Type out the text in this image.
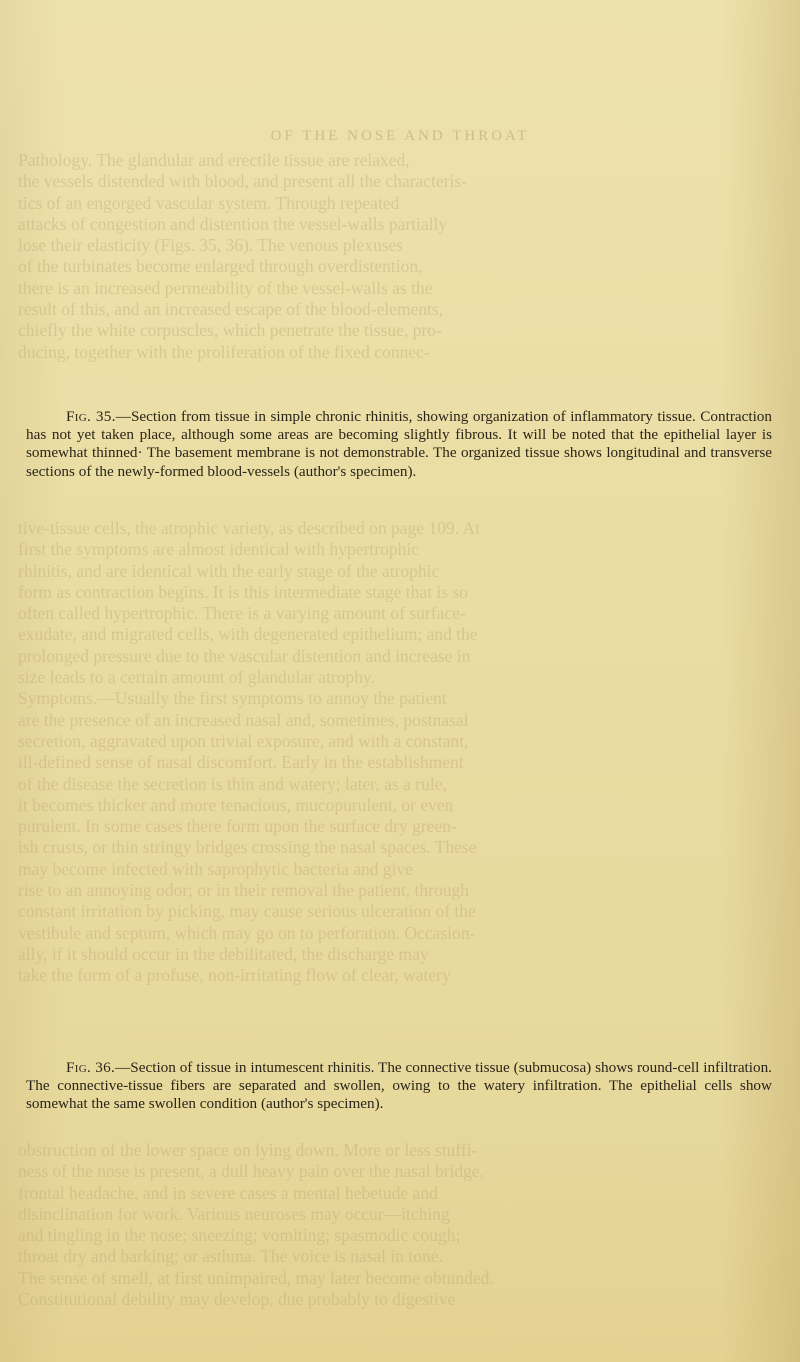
OF THE NOSE AND THROAT
Pathology. The glandular and erectile tissue are relaxed,
the vessels distended with blood, and present all the characteris-
tics of an engorged vascular system. Through repeated
attacks of congestion and distention the vessel-walls partially
lose their elasticity (Figs. 35, 36). The venous plexuses
of the turbinates become enlarged through overdistention,
there is an increased permeability of the vessel-walls as the
result of this, and an increased escape of the blood-elements,
chiefly the white corpuscles, which penetrate the tissue, pro-
ducing, together with the proliferation of the fixed connec-
Fig. 35.—Section from tissue in simple chronic rhinitis, showing organization of inflammatory tissue. Contraction has not yet taken place, although some areas are becoming slightly fibrous. It will be noted that the epithelial layer is somewhat thinned· The basement membrane is not demonstrable. The organized tissue shows longitudinal and transverse sections of the newly-formed blood-vessels (author's specimen).
tive-tissue cells, the atrophic variety, as described on page 109. At
first the symptoms are almost identical with hypertrophic
rhinitis, and are identical with the early stage of the atrophic
form as contraction begins. It is this intermediate stage that is so
often called hypertrophic. There is a varying amount of surface-
exudate, and migrated cells, with degenerated epithelium; and the
prolonged pressure due to the vascular distention and increase in
size leads to a certain amount of glandular atrophy.
Symptoms.—Usually the first symptoms to annoy the patient
are the presence of an increased nasal and, sometimes, postnasal
secretion, aggravated upon trivial exposure, and with a constant,
ill-defined sense of nasal discomfort. Early in the establishment
of the disease the secretion is thin and watery; later, as a rule,
it becomes thicker and more tenacious, mucopurulent, or even
purulent. In some cases there form upon the surface dry green-
ish crusts, or thin stringy bridges crossing the nasal spaces. These
may become infected with saprophytic bacteria and give
rise to an annoying odor; or in their removal the patient, through
constant irritation by picking, may cause serious ulceration of the
vestibule and septum, which may go on to perforation. Occasion-
ally, if it should occur in the debilitated, the discharge may
take the form of a profuse, non-irritating flow of clear, watery
Fig. 36.—Section of tissue in intumescent rhinitis. The connective tissue (submucosa) shows round-cell infiltration. The connective-tissue fibers are separated and swollen, owing to the watery infiltration. The epithelial cells show somewhat the same swollen condition (author's specimen).
obstruction of the lower space on lying down. More or less stuffi-
ness of the nose is present, a dull heavy pain over the nasal bridge,
frontal headache, and in severe cases a mental hebetude and
disinclination for work. Various neuroses may occur—itching
and tingling in the nose; sneezing; vomiting; spasmodic cough;
throat dry and barking; or asthma. The voice is nasal in tone.
The sense of smell, at first unimpaired, may later become obtunded.
Constitutional debility may develop, due probably to digestive
